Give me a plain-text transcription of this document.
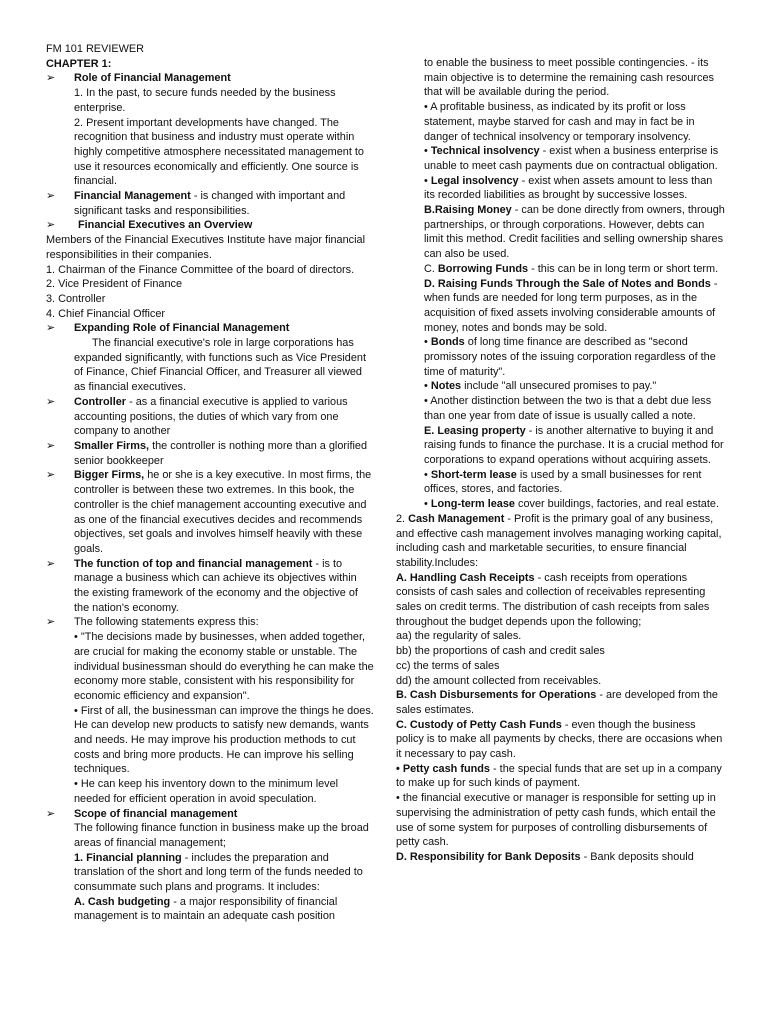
FM 101 REVIEWER

CHAPTER 1:

➢ Role of Financial Management

1. In the past, to secure funds needed by the business enterprise.

2. Present important developments have changed. The recognition that business and industry must operate within highly competitive atmosphere necessitated management to use it resources economically and efficiently. One source is financial.

➢ Financial Management - is changed with important and significant tasks and responsibilities.
➢ Financial Executives an Overview

Members of the Financial Executives Institute have major financial responsibilities in their companies.

1. Chairman of the Finance Committee of the board of directors.

2. Vice President of Finance

3. Controller

4. Chief Financial Officer

➢ Expanding Role of Financial Management

The financial executive's role in large corporations has expanded significantly, with functions such as Vice President of Finance, Chief Financial Officer, and Treasurer all viewed as financial executives.

➢ Controller - as a financial executive is applied to various accounting positions, the duties of which vary from one company to another
➢ Smaller Firms, the controller is nothing more than a glorified senior bookkeeper
➢ Bigger Firms, he or she is a key executive. In most firms, the controller is between these two extremes. In this book, the controller is the chief management accounting executive and as one of the financial executives decides and recommends objectives, set goals and involves himself heavily with these goals.
➢ The function of top and financial management - is to manage a business which can achieve its objectives within the existing framework of the economy and the objective of the nation's economy.
➢ The following statements express this:

• "The decisions made by businesses, when added together, are crucial for making the economy stable or unstable. The individual businessman should do everything he can make the economy more stable, consistent with his responsibility for economic efficiency and expansion".

• First of all, the businessman can improve the things he does. He can develop new products to satisfy new demands, wants and needs. He may improve his production methods to cut costs and bring more products. He can improve his selling techniques.

• He can keep his inventory down to the minimum level needed for efficient operation in avoid speculation.

➢ Scope of financial management

The following finance function in business make up the broad areas of financial management;

1. Financial planning - includes the preparation and translation of the short and long term of the funds needed to consummate such plans and programs. It includes:

A. Cash budgeting - a major responsibility of financial management is to maintain an adequate cash position

to enable the business to meet possible contingencies. - its main objective is to determine the remaining cash resources that will be available during the period.

• A profitable business, as indicated by its profit or loss statement, maybe starved for cash and may in fact be in danger of technical insolvency or temporary insolvency.

• Technical insolvency - exist when a business enterprise is unable to meet cash payments due on contractual obligation.

• Legal insolvency - exist when assets amount to less than its recorded liabilities as brought by successive losses.

B.Raising Money - can be done directly from owners, through partnerships, or through corporations. However, debts can limit this method. Credit facilities and selling ownership shares can also be used.

C. Borrowing Funds - this can be in long term or short term.

D. Raising Funds Through the Sale of Notes and Bonds - when funds are needed for long term purposes, as in the acquisition of fixed assets involving considerable amounts of money, notes and bonds may be sold.

• Bonds of long time finance are described as "second promissory notes of the issuing corporation regardless of the time of maturity".

• Notes include "all unsecured promises to pay."

• Another distinction between the two is that a debt due less than one year from date of issue is usually called a note.

E. Leasing property - is another alternative to buying it and raising funds to finance the purchase. It is a crucial method for corporations to expand operations without acquiring assets.

• Short-term lease is used by a small businesses for rent offices, stores, and factories.

• Long-term lease cover buildings, factories, and real estate.

2. Cash Management - Profit is the primary goal of any business, and effective cash management involves managing working capital, including cash and marketable securities, to ensure financial stability.Includes:

A. Handling Cash Receipts - cash receipts from operations consists of cash sales and collection of receivables representing sales on credit terms. The distribution of cash receipts from sales throughout the budget depends upon the following;

aa) the regularity of sales.

bb) the proportions of cash and credit sales

cc) the terms of sales

dd) the amount collected from receivables.

B. Cash Disbursements for Operations - are developed from the sales estimates.

C. Custody of Petty Cash Funds - even though the business policy is to make all payments by checks, there are occasions when it necessary to pay cash.

• Petty cash funds - the special funds that are set up in a company to make up for such kinds of payment.

• the financial executive or manager is responsible for setting up in supervising the administration of petty cash funds, which entail the use of some system for purposes of controlling disbursements of petty cash.

D. Responsibility for Bank Deposits - Bank deposits should
